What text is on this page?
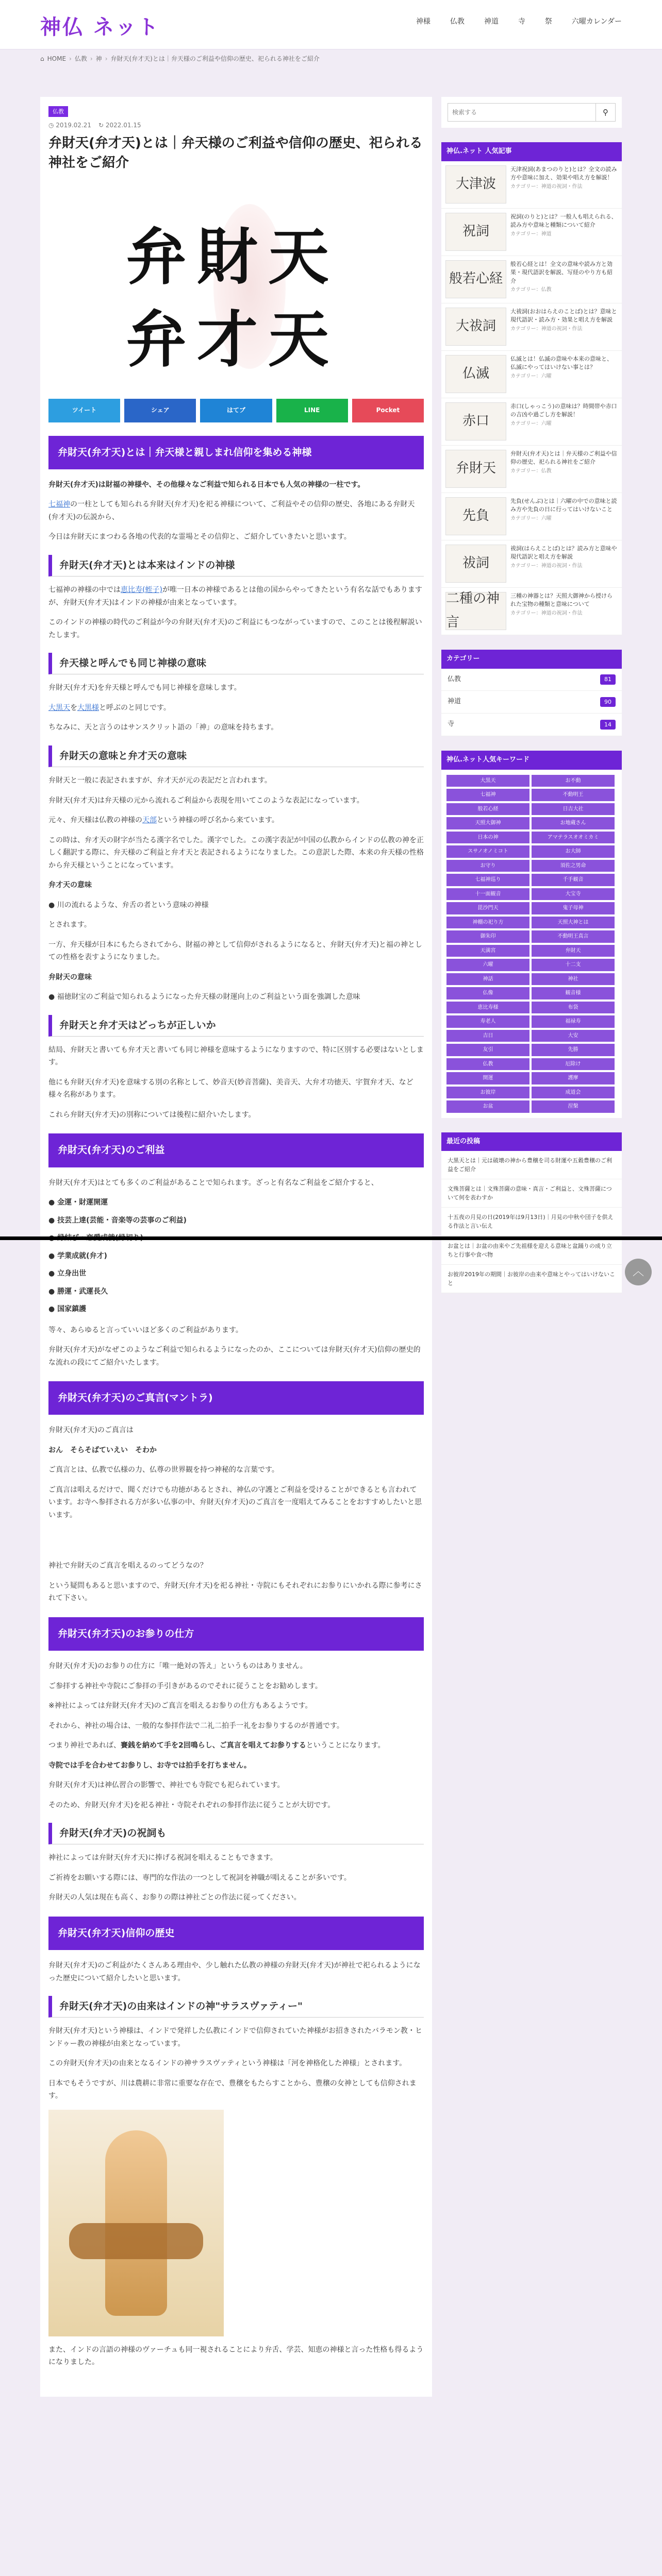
神仏 ネット	神様	仏教	神道	寺	祭	六曜カレンダー
⌂ HOME › 仏教 › 神 › 弁財天(弁才天)とは｜弁天様のご利益や信仰の歴史、祀られる神社をご紹介
仏教
◷ 2019.02.21 ↻ 2022.01.15
弁財天(弁才天)とは｜弁天様のご利益や信仰の歴史、祀られる神社をご紹介
弁財天
弁才天
ツイート	シェア	はてブ	LINE	Pocket
弁財天(弁才天)とは｜弁天様と親しまれ信仰を集める神様

弁財天(弁才天)は財福の神様や、その他様々なご利益で知られる日本でも人気の神様の一柱です。

七福神の一柱としても知られる弁財天(弁才天)を祀る神様について、ご利益やその信仰の歴史、各地にある弁財天(弁才天)の伝説から、

今日は弁財天にまつわる各地の代表的な霊場とその信仰と、ご紹介していきたいと思います。

弁財天(弁才天)とは本来はインドの神様

七福神の神様の中では恵比寿(蛭子)が唯一日本の神様であるとは他の国からやってきたという有名な話でもありますが、弁財天(弁才天)はインドの神様が由来となっています。

このインドの神様の時代のご利益が今の弁財天(弁才天)のご利益にもつながっていますので、このことは後程解説いたします。

弁天様と呼んでも同じ神様の意味

弁財天(弁才天)を弁天様と呼んでも同じ神様を意味します。

大黒天を大黒様と呼ぶのと同じです。

ちなみに、天と言うのはサンスクリット語の「神」の意味を持ちます。

弁財天の意味と弁才天の意味

弁財天と一般に表記されますが、弁才天が元の表記だと言われます。

弁財天(弁才天)は弁天様の元から流れるご利益から表現を用いてこのような表記になっています。

元々、弁天様は仏教の神様の天部という神様の呼び名から来ています。

この時は、弁才天の財字が当たる漢字名でした。漢字でした。この漢字表記が中国の仏教からインドの仏教の神を正しく翻訳する際に、弁天様のご利益と弁才天と表記されるようになりました。この意訳した際、本来の弁天様の性格から弁天様ということになっています。

弁才天の意味

● 川の流れるような、弁舌の者という意味の神様

とされます。

一方、弁天様が日本にもたらされてから、財福の神として信仰がされるようになると、弁財天(弁才天)と福の神としての性格を表すようになりました。

弁財天の意味

● 福徳財宝のご利益で知られるようになった弁天様の財運向上のご利益という面を強調した意味

弁財天と弁才天はどっちが正しいか

結局、弁財天と書いても弁才天と書いても同じ神様を意味するようになりますので、特に区別する必要はないとします。

他にも弁財天(弁才天)を意味する別の名称として、妙音天(妙音菩薩)、美音天、大弁才功徳天、宇賀弁才天、など様々名称があります。

これら弁財天(弁才天)の別称については後程に紹介いたします。

弁財天(弁才天)のご利益

弁財天(弁才天)はとても多くのご利益があることで知られます。ざっと有名なご利益をご紹介すると、

● 金運・財運開運
● 技芸上達(芸能・音楽等の芸事のご利益)
● 学業成就(弁才)
● 立身出世
● 勝運・武運長久
● 国家鎮護

等々、あらゆると言っていいほど多くのご利益があります。

弁財天(弁才天)がなぜこのようなご利益で知られるようになったのか、ここについては弁財天(弁才天)信仰の歴史的な流れの段にてご紹介いたします。

弁財天(弁才天)のご真言(マントラ)

弁財天(弁才天)のご真言は

おん　そらそばていえい　そわか

ご真言とは、仏教で仏様の力、仏尊の世界観を持つ神秘的な言葉です。

ご真言は唱えるだけで、聞くだけでも功徳があるとされ、神仏の守護とご利益を受けることができるとも言われています。お寺へ参拝される方が多い仏事の中、弁財天(弁才天)のご真言を一度唱えてみることをおすすめしたいと思います。

神社で弁財天のご真言を唱えるのってどうなの？

という疑問もあると思いますので、弁財天(弁才天)を祀る神社・寺院にもそれぞれにお参りにいかれる際に参考にされて下さい。

弁財天(弁才天)のお参りの仕方

弁財天(弁才天)のお参りの仕方に「唯一絶対の答え」というものはありません。

ご参拝する神社や寺院にご参拝の手引きがあるのでそれに従うことをお勧めします。

※神社によっては弁財天(弁才天)のご真言を唱えるお参りの仕方もあるようです。

それから、神社の場合は、一般的な参拝作法で二礼二拍手一礼をお参りするのが普通です。

つまり神社であれば、賽銭を納めて手を2回鳴らし、ご真言を唱えてお参りするということになります。

寺院では手を合わせてお参りし、お寺では拍手を打ちません。

弁財天(弁才天)は神仏習合の影響で、神社でも寺院でも祀られています。

そのため、弁財天(弁才天)を祀る神社・寺院それぞれの参拝作法に従うことが大切です。

弁財天(弁才天)の祝詞も

神社によっては弁財天(弁才天)に捧げる祝詞を唱えることもできます。

ご祈祷をお願いする際には、専門的な作法の一つとして祝詞を神職が唱えることが多いです。

弁財天の人気は現在も高く、お参りの際は神社ごとの作法に従ってください。

弁財天(弁才天)信仰の歴史

弁財天(弁才天)のご利益がたくさんある理由や、少し触れた仏教の神様の弁財天(弁才天)が神社で祀られるようになった歴史について紹介したいと思います。

弁財天(弁才天)の由来はインドの神"サラスヴァティー"

弁財天(弁才天)という神様は、インドで発祥した仏教にインドで信仰されていた神様がお招きされたバラモン教・ヒンドゥー教の神様が由来となっています。

この弁財天(弁才天)の由来となるインドの神サラスヴァティという神様は「河を神格化した神様」とされます。

日本でもそうですが、川は農耕に非常に重要な存在で、豊穣をもたらすことから、豊穣の女神としても信仰されます。

また、インドの言語の神様のヴァーチュも同一視されることにより弁舌、学芸、知恵の神様と言った性格も得るようになりました。

検索する
⚲
神仏.ネット 人気記事
大津波
天津祝詞(あまつのりと)とは？全文の読み方や意味に加え、効果や唱え方を解説！
カテゴリー：神道の祝詞・作法
祝詞
祝詞(のりと)とは？一般人も唱えられる、読み方や意味と種類について紹介
カテゴリー：神道
般若心経
般若心経とは！全文の意味や読み方と効果・現代語訳を解説、写経のやり方も紹介
カテゴリー：仏教
大祓詞
大祓詞(おおはらえのことば)とは？意味と現代語訳・読み方・効果と唱え方を解説
カテゴリー：神道の祝詞・作法
仏滅
仏滅とは！仏滅の意味や本来の意味と、仏滅にやってはいけない事とは？
カテゴリー：六曜
赤口
赤口(しゃっこう)の意味は？時間帯や赤口の吉凶や過ごし方を解説！
カテゴリー：六曜
弁財天
弁財天(弁才天)とは｜弁天様のご利益や信仰の歴史、祀られる神社をご紹介
カテゴリー：仏教
先負
先負(せんぶ)とは｜六曜の中での意味と読み方や先負の日に行ってはいけないこと
カテゴリー：六曜
祓詞
祓詞(はらえことば)とは？読み方と意味や現代語訳と唱え方を解説
カテゴリー：神道の祝詞・作法
二種の神言
三種の神器とは？天照大御神から授けられた宝物の種類と意味について
カテゴリー：神道の祝詞・作法
カテゴリー
仏教	81
神道	90
寺	14
神仏.ネット人気キーワード
大黒天	お不動
七福神	不動明王
般若心経	日吉大社
天照大御神	お地蔵さん
日本の神	アマテラスオオミカミ
スサノオノミコト	お大師
お守り	須佐之男命
七福神巡り	千手観音
十一面観音	大宝寺
毘沙門天	鬼子母神
神棚の祀り方	天照大神とは
御朱印	不動明王真言
天満宮	弁財天
六曜	十二支
神話	神社
仏像	観音様
恵比寿様	布袋
寿老人	福禄寿
吉日	大安
友引	先勝
仏教	厄除け
開運	護摩
お彼岸	成道会
お盆	涅槃
最近の投稿
大黒天とは｜元は破壊の神から豊穣を司る財運や五穀豊穣のご利益をご紹介
文殊菩薩とは｜文殊菩薩の意味・真言・ご利益と、文殊菩薩について何を表わすか
十五夜の月見の日(2019年は9月13日)｜月見の中秋や団子を供える作法と言い伝え
お盆とは｜お盆の由来やご先祖様を迎える意味と盆踊りの成り立ちと行事や食べ物
お彼岸2019年の期間｜お彼岸の由来や意味とやってはいけないこと
︿
